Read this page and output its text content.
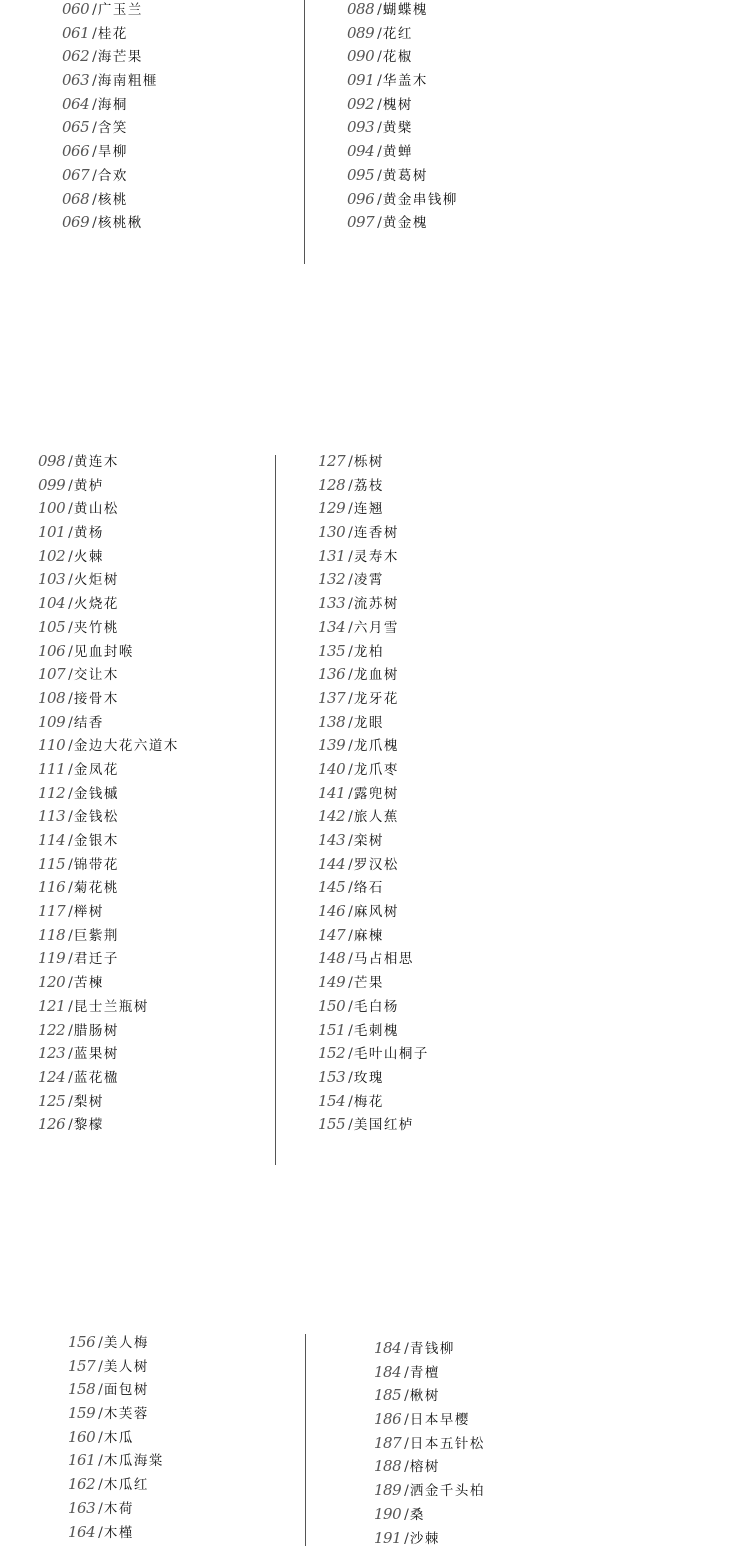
060 /广玉兰
061 /桂花
062 /海芒果
063 /海南粗榧
064 /海桐
065 /含笑
066 /旱柳
067 /合欢
068 /核桃
069 /核桃楸
088 /蝴蝶槐
089 /花红
090 /花椒
091 /华盖木
092 /槐树
093 /黄檗
094 /黄蝉
095 /黄葛树
096 /黄金串钱柳
097 /黄金槐
098 /黄连木
099 /黄栌
100 /黄山松
101 /黄杨
102 /火棘
103 /火炬树
104 /火烧花
105 /夹竹桃
106 /见血封喉
107 /交让木
108 /接骨木
109 /结香
110 /金边大花六道木
111 /金凤花
112 /金钱槭
113 /金钱松
114 /金银木
115 /锦带花
116 /菊花桃
117 /榉树
118 /巨紫荆
119 /君迁子
120 /苦楝
121 /昆士兰瓶树
122 /腊肠树
123 /蓝果树
124 /蓝花楹
125 /梨树
126 /黎檬
127 /栎树
128 /荔枝
129 /连翘
130 /连香树
131 /灵寿木
132 /凌霄
133 /流苏树
134 /六月雪
135 /龙柏
136 /龙血树
137 /龙牙花
138 /龙眼
139 /龙爪槐
140 /龙爪枣
141 /露兜树
142 /旅人蕉
143 /栾树
144 /罗汉松
145 /络石
146 /麻风树
147 /麻楝
148 /马占相思
149 /芒果
150 /毛白杨
151 /毛刺槐
152 /毛叶山桐子
153 /玫瑰
154 /梅花
155 /美国红栌
156 /美人梅
157 /美人树
158 /面包树
159 /木芙蓉
160 /木瓜
161 /木瓜海棠
162 /木瓜红
163 /木荷
164 /木槿
184 /青钱柳
184 /青檀
185 /楸树
186 /日本早樱
187 /日本五针松
188 /榕树
189 /洒金千头柏
190 /桑
191 /沙棘
